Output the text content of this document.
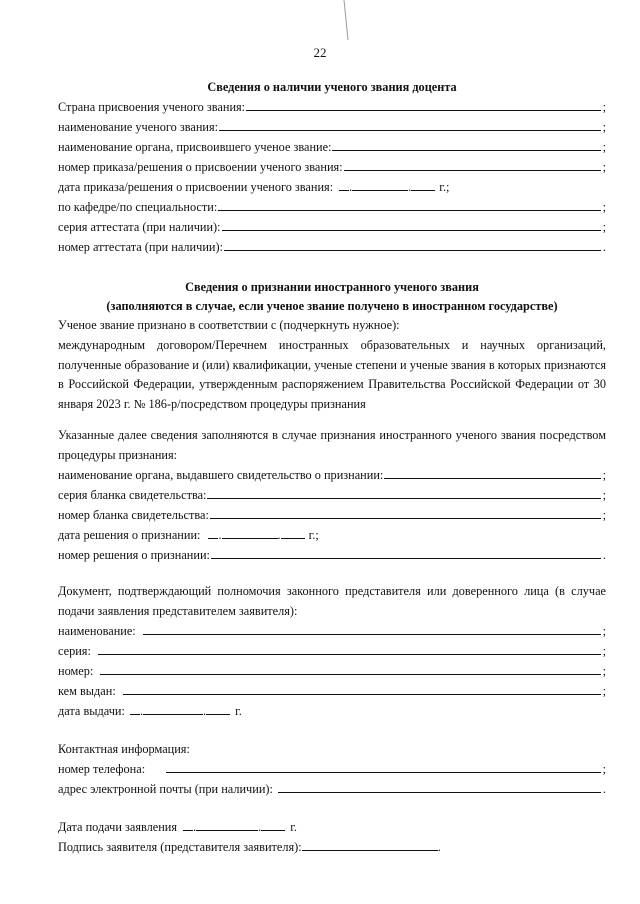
22
Сведения о наличии ученого звания доцента
Страна присвоения ученого звания:	;
наименование ученого звания:	;
наименование органа, присвоившего ученое звание:	;
номер приказа/решения о присвоении ученого звания:	;
дата приказа/решения о присвоении ученого звания: .	. г.;
по кафедре/по специальности:	;
серия аттестата (при наличии):	;
номер аттестата (при наличии):	.
Сведения о признании иностранного ученого звания
(заполняются в случае, если ученое звание получено в иностранном государстве)
Ученое звание признано в соответствии с (подчеркнуть нужное):
международным договором/Перечнем иностранных образовательных и научных организаций, полученные образование и (или) квалификации, ученые степени и ученые звания в которых признаются в Российской Федерации, утвержденным распоряжением Правительства Российской Федерации от 30 января 2023 г. № 186-р/посредством процедуры признания
Указанные далее сведения заполняются в случае признания иностранного ученого звания посредством процедуры признания:
наименование органа, выдавшего свидетельство о признании:	;
серия бланка свидетельства:	;
номер бланка свидетельства:	;
дата решения о признании: .	. г.;
номер решения о признании:	.
Документ, подтверждающий полномочия законного представителя или доверенного лица (в случае подачи заявления представителем заявителя):
наименование:	;
серия:	;
номер:	;
кем выдан:	;
дата выдачи: .	. г.
Контактная информация:
номер телефона:	;
адрес электронной почты (при наличии):	.
Дата подачи заявления .	. г.
Подпись заявителя (представителя заявителя):	.
